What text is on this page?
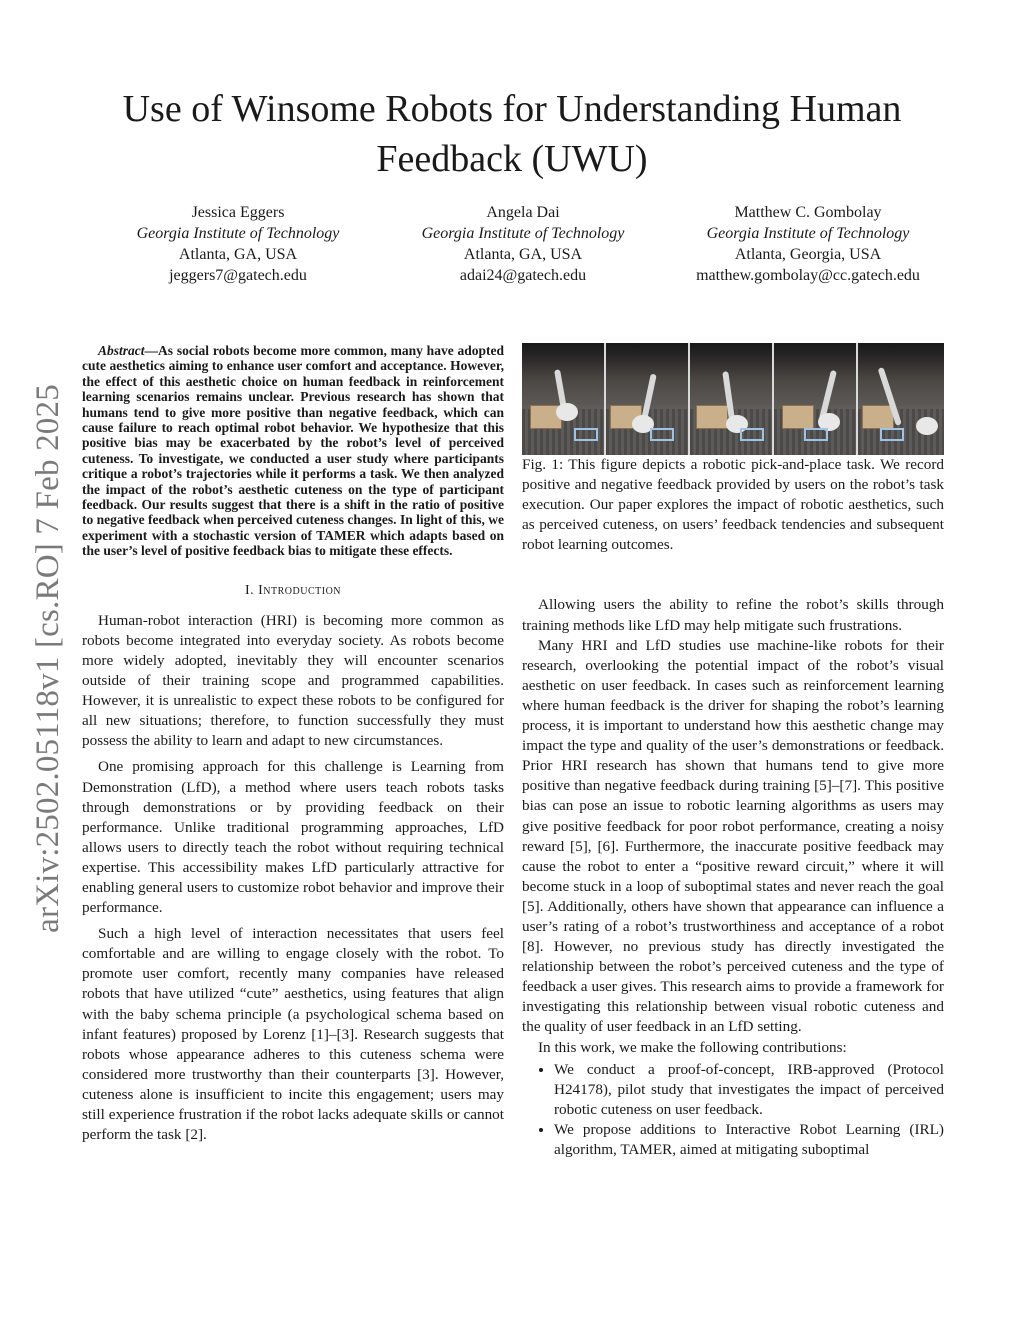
arXiv:2502.05118v1 [cs.RO] 7 Feb 2025
Use of Winsome Robots for Understanding Human Feedback (UWU)
Jessica Eggers
Georgia Institute of Technology
Atlanta, GA, USA
jeggers7@gatech.edu
Angela Dai
Georgia Institute of Technology
Atlanta, GA, USA
adai24@gatech.edu
Matthew C. Gombolay
Georgia Institute of Technology
Atlanta, Georgia, USA
matthew.gombolay@cc.gatech.edu

Abstract—As social robots become more common, many have adopted cute aesthetics aiming to enhance user comfort and acceptance. However, the effect of this aesthetic choice on human feedback in reinforcement learning scenarios remains unclear. Previous research has shown that humans tend to give more positive than negative feedback, which can cause failure to reach optimal robot behavior. We hypothesize that this positive bias may be exacerbated by the robot’s level of perceived cuteness. To investigate, we conducted a user study where participants critique a robot’s trajectories while it performs a task. We then analyzed the impact of the robot’s aesthetic cuteness on the type of participant feedback. Our results suggest that there is a shift in the ratio of positive to negative feedback when perceived cuteness changes. In light of this, we experiment with a stochastic version of TAMER which adapts based on the user’s level of positive feedback bias to mitigate these effects.

I. Introduction

Human-robot interaction (HRI) is becoming more common as robots become integrated into everyday society. As robots become more widely adopted, inevitably they will encounter scenarios outside of their training scope and programmed capabilities. However, it is unrealistic to expect these robots to be configured for all new situations; therefore, to function successfully they must possess the ability to learn and adapt to new circumstances.

One promising approach for this challenge is Learning from Demonstration (LfD), a method where users teach robots tasks through demonstrations or by providing feedback on their performance. Unlike traditional programming approaches, LfD allows users to directly teach the robot without requiring technical expertise. This accessibility makes LfD particularly attractive for enabling general users to customize robot behavior and improve their performance.

Such a high level of interaction necessitates that users feel comfortable and are willing to engage closely with the robot. To promote user comfort, recently many companies have released robots that have utilized “cute” aesthetics, using features that align with the baby schema principle (a psychological schema based on infant features) proposed by Lorenz [1]–[3]. Research suggests that robots whose appearance adheres to this cuteness schema were considered more trustworthy than their counterparts [3]. However, cuteness alone is insufficient to incite this engagement; users may still experience frustration if the robot lacks adequate skills or cannot perform the task [2].

Fig. 1: This figure depicts a robotic pick-and-place task. We record positive and negative feedback provided by users on the robot’s task execution. Our paper explores the impact of robotic aesthetics, such as perceived cuteness, on users’ feedback tendencies and subsequent robot learning outcomes.

Allowing users the ability to refine the robot’s skills through training methods like LfD may help mitigate such frustrations.

Many HRI and LfD studies use machine-like robots for their research, overlooking the potential impact of the robot’s visual aesthetic on user feedback. In cases such as reinforcement learning where human feedback is the driver for shaping the robot’s learning process, it is important to understand how this aesthetic change may impact the type and quality of the user’s demonstrations or feedback. Prior HRI research has shown that humans tend to give more positive than negative feedback during training [5]–[7]. This positive bias can pose an issue to robotic learning algorithms as users may give positive feedback for poor robot performance, creating a noisy reward [5], [6]. Furthermore, the inaccurate positive feedback may cause the robot to enter a “positive reward circuit,” where it will become stuck in a loop of suboptimal states and never reach the goal [5]. Additionally, others have shown that appearance can influence a user’s rating of a robot’s trustworthiness and acceptance of a robot [8]. However, no previous study has directly investigated the relationship between the robot’s perceived cuteness and the type of feedback a user gives. This research aims to provide a framework for investigating this relationship between visual robotic cuteness and the quality of user feedback in an LfD setting.

In this work, we make the following contributions:

• We conduct a proof-of-concept, IRB-approved (Protocol H24178), pilot study that investigates the impact of perceived robotic cuteness on user feedback.
• We propose additions to Interactive Robot Learning (IRL) algorithm, TAMER, aimed at mitigating suboptimal
